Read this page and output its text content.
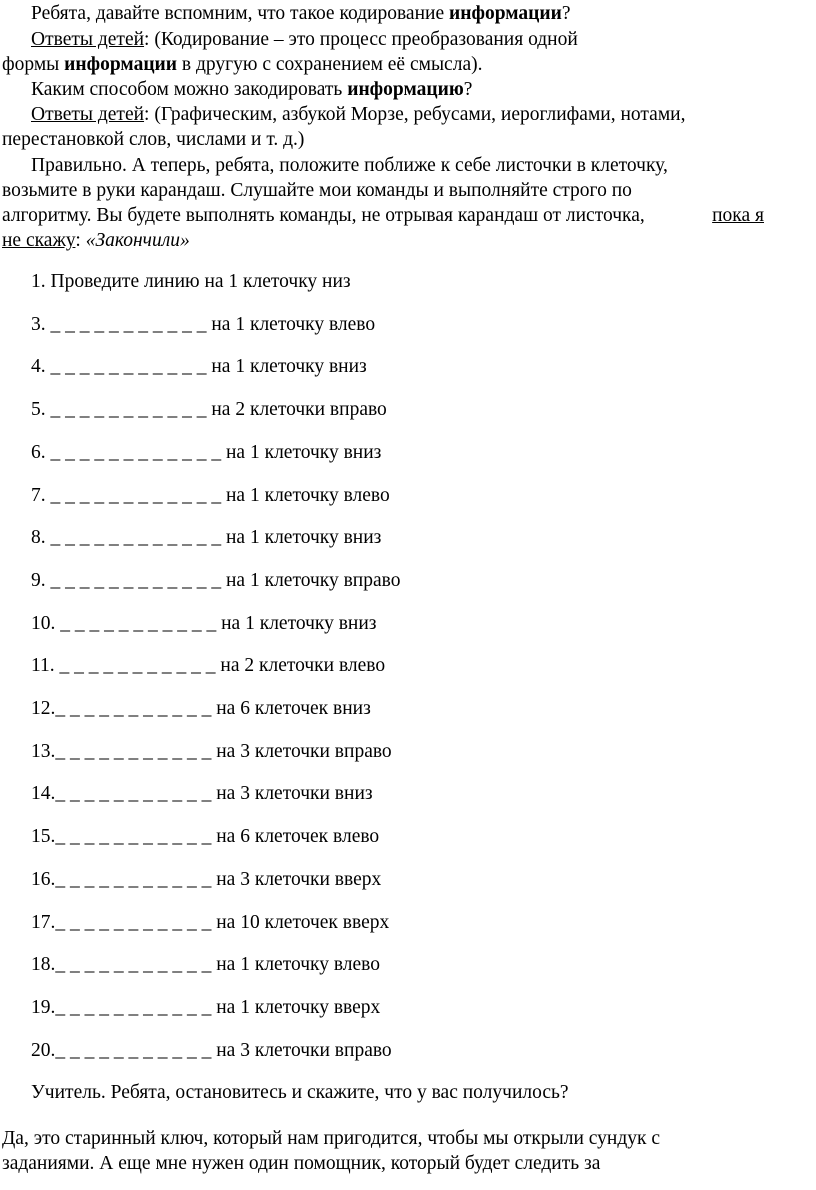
Ребята, давайте вспомним, что такое кодирование информации?
Ответы детей: (Кодирование – это процесс преобразования одной
формы информации в другую с сохранением её смысла).
Каким способом можно закодировать информацию?
Ответы детей: (Графическим, азбукой Морзе, ребусами, иероглифами, нотами,
перестановкой слов, числами и т. д.)
Правильно. А теперь, ребята, положите поближе к себе листочки в клеточку,
возьмите в руки карандаш. Слушайте мои команды и выполняйте строго по
алгоритму. Вы будете выполнять команды, не отрывая карандаш от листочка,	пока я
не скажу: «Закончили»
1. Проведите линию на 1 клеточку низ
3. _ _ _ _ _ _ _ _ _ _ _ на 1 клеточку влево
4. _ _ _ _ _ _ _ _ _ _ _ на 1 клеточку вниз
5. _ _ _ _ _ _ _ _ _ _ _ на 2 клеточки вправо
6. _ _ _ _ _ _ _ _ _ _ _ _ на 1 клеточку вниз
7. _ _ _ _ _ _ _ _ _ _ _ _ на 1 клеточку влево
8. _ _ _ _ _ _ _ _ _ _ _ _ на 1 клеточку вниз
9. _ _ _ _ _ _ _ _ _ _ _ _ на 1 клеточку вправо
10. _ _ _ _ _ _ _ _ _ _ _ на 1 клеточку вниз
11. _ _ _ _ _ _ _ _ _ _ _ на 2 клеточки влево
12._ _ _ _ _ _ _ _ _ _ _ на 6 клеточек вниз
13._ _ _ _ _ _ _ _ _ _ _ на 3 клеточки вправо
14._ _ _ _ _ _ _ _ _ _ _ на 3 клеточки вниз
15._ _ _ _ _ _ _ _ _ _ _ на 6 клеточек влево
16._ _ _ _ _ _ _ _ _ _ _ на 3 клеточки вверх
17._ _ _ _ _ _ _ _ _ _ _ на 10 клеточек вверх
18._ _ _ _ _ _ _ _ _ _ _ на 1 клеточку влево
19._ _ _ _ _ _ _ _ _ _ _ на 1 клеточку вверх
20._ _ _ _ _ _ _ _ _ _ _ на 3 клеточки вправо
Учитель. Ребята, остановитесь и скажите, что у вас получилось?
Да, это старинный ключ, который нам пригодится, чтобы мы открыли сундук с
заданиями. А еще мне нужен один помощник, который будет следить за
